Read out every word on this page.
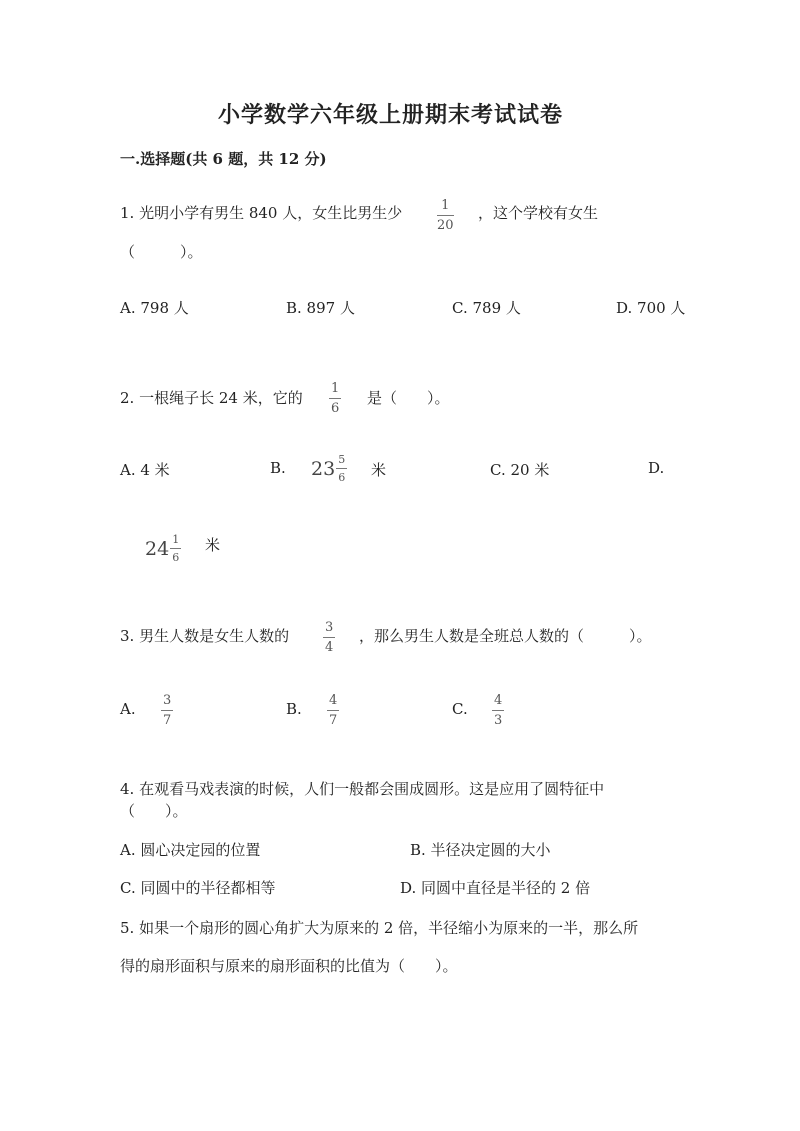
小学数学六年级上册期末考试试卷
一.选择题(共 6 题，共 12 分)
1. 光明小学有男生 840 人，女生比男生少	1
20
，这个学校有女生
（　　　）。
A. 798 人	B. 897 人	C. 789 人	D. 700 人
2. 一根绳子长 24 米，它的
1
6
是（　　）。
A. 4 米	B. $23 \frac{5}{6}$ 米	C. 20 米	D.
$24 \frac{1}{6}$ 米
3. 男生人数是女生人数的	3
4
，那么男生人数是全班总人数的（　　　）。
A. 3
7
B. 4
7
C. 4
3
4. 在观看马戏表演的时候，人们一般都会围成圆形。这是应用了圆特征中
（　　）。
A. 圆心决定园的位置	B. 半径决定圆的大小
C. 同圆中的半径都相等	D. 同圆中直径是半径的 2 倍
5. 如果一个扇形的圆心角扩大为原来的 2 倍，半径缩小为原来的一半，那么所
得的扇形面积与原来的扇形面积的比值为（　　）。
